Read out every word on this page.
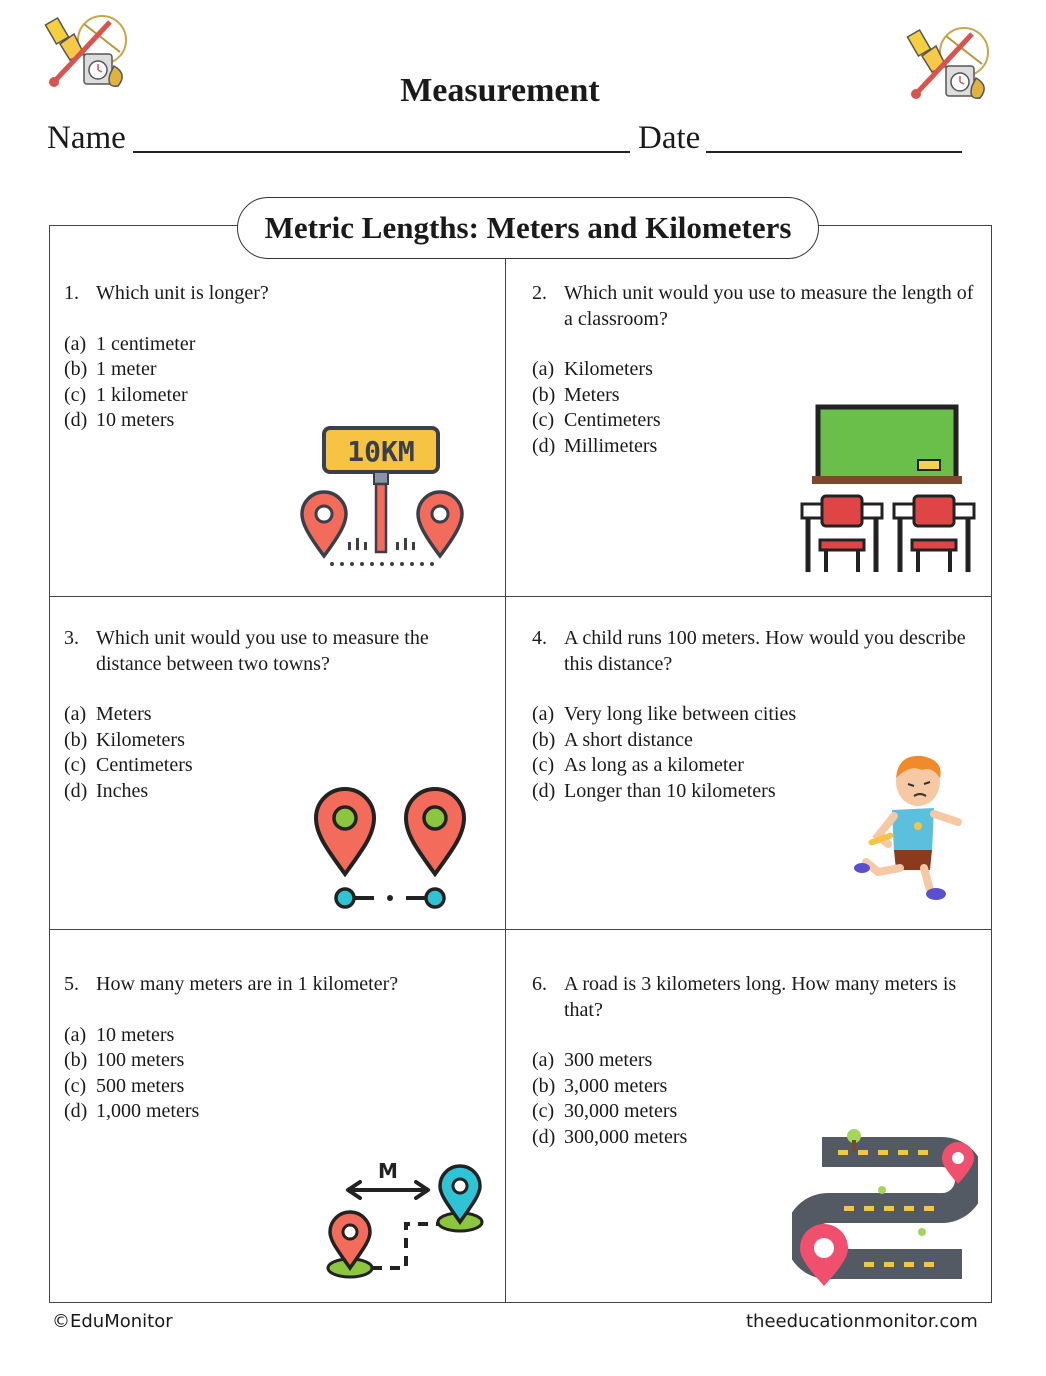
Measurement
Name	Date
Metric Lengths: Meters and Kilometers
1. Which unit is longer?
(a) 1 centimeter
(b) 1 meter
(c) 1 kilometer
(d) 10 meters
2. Which unit would you use to measure the length of a classroom?
(a) Kilometers
(b) Meters
(c) Centimeters
(d) Millimeters
3. Which unit would you use to measure the distance between two towns?
(a) Meters
(b) Kilometers
(c) Centimeters
(d) Inches
4. A child runs 100 meters. How would you describe this distance?
(a) Very long like between cities
(b) A short distance
(c) As long as a kilometer
(d) Longer than 10 kilometers
5. How many meters are in 1 kilometer?
(a) 10 meters
(b) 100 meters
(c) 500 meters
(d) 1,000 meters
6. A road is 3 kilometers long. How many meters is that?
(a) 300 meters
(b) 3,000 meters
(c) 30,000 meters
(d) 300,000 meters
10KM
M
©EduMonitor	theeducationmonitor.com
